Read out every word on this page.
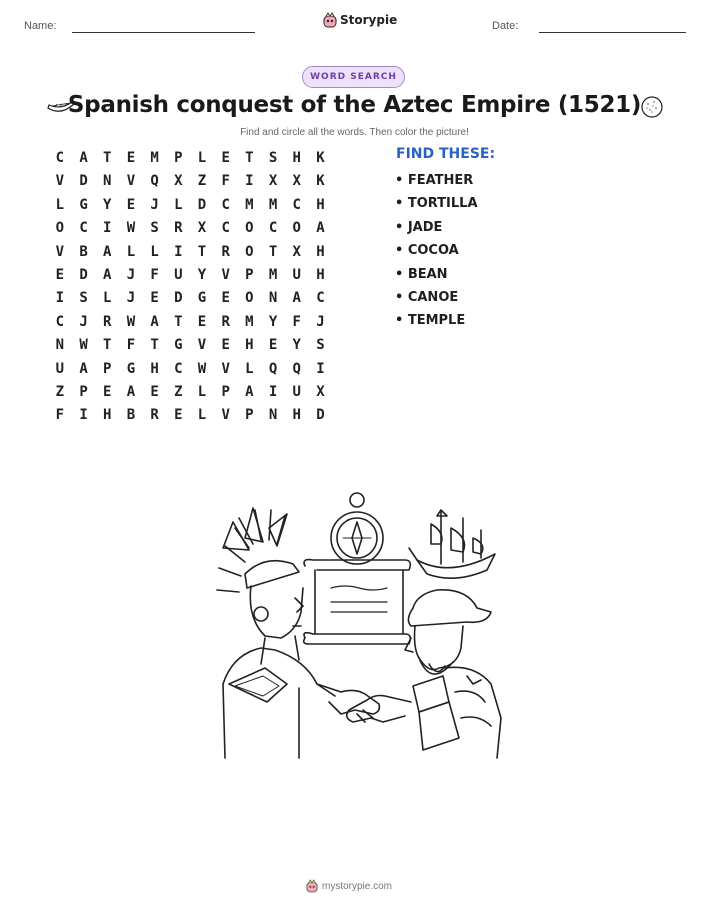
Name:	Storypie	Date:
WORD SEARCH
Spanish conquest of the Aztec Empire (1521)
Find and circle all the words. Then color the picture!
C	A	T	E	M	P	L	E	T	S	H	K
V	D	N	V	Q	X	Z	F	I	X	X	K
L	G	Y	E	J	L	D	C	M	M	C	H
O	C	I	W	S	R	X	C	O	C	O	A
V	B	A	L	L	I	T	R	O	T	X	H
E	D	A	J	F	U	Y	V	P	M	U	H
I	S	L	J	E	D	G	E	O	N	A	C
C	J	R	W	A	T	E	R	M	Y	F	J
N	W	T	F	T	G	V	E	H	E	Y	S
U	A	P	G	H	C	W	V	L	Q	Q	I
Z	P	E	A	E	Z	L	P	A	I	U	X
F	I	H	B	R	E	L	V	P	N	H	D
FIND THESE:
• FEATHER
• TORTILLA
• JADE
• COCOA
• BEAN
• CANOE
• TEMPLE
mystorypie.com
